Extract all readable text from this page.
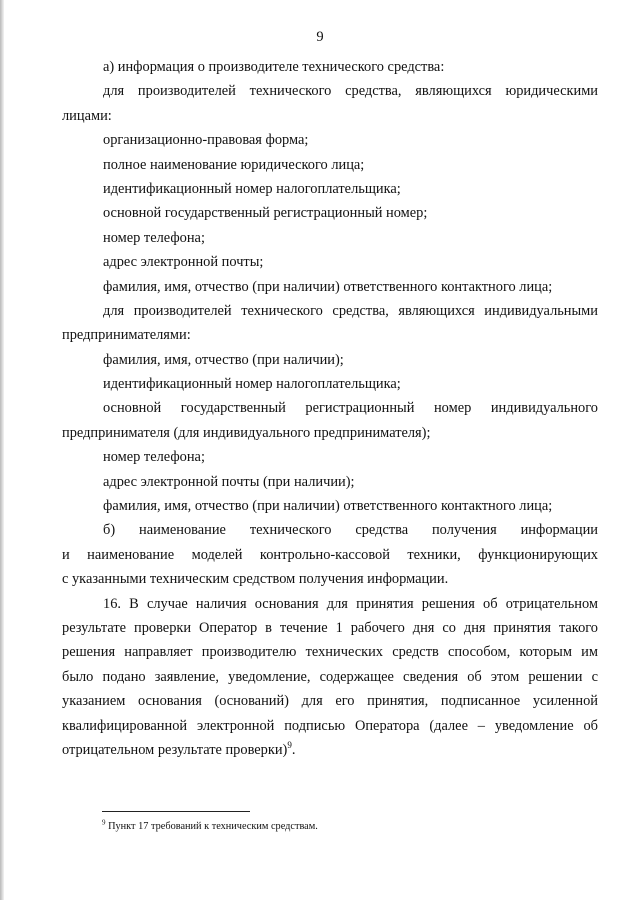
9
а) информация о производителе технического средства:
для производителей технического средства, являющихся юридическими
лицами:
организационно-правовая форма;
полное наименование юридического лица;
идентификационный номер налогоплательщика;
основной государственный регистрационный номер;
номер телефона;
адрес электронной почты;
фамилия, имя, отчество (при наличии) ответственного контактного лица;
для производителей технического средства, являющихся индивидуальными
предпринимателями:
фамилия, имя, отчество (при наличии);
идентификационный номер налогоплательщика;
основной государственный регистрационный номер индивидуального
предпринимателя (для индивидуального предпринимателя);
номер телефона;
адрес электронной почты (при наличии);
фамилия, имя, отчество (при наличии) ответственного контактного лица;
б) наименование технического средства получения информации
и наименование моделей контрольно-кассовой техники, функционирующих
с указанными техническим средством получения информации.
16. В случае наличия основания для принятия решения об отрицательном
результате проверки Оператор в течение 1 рабочего дня со дня принятия такого
решения направляет производителю технических средств способом, которым им
было подано заявление, уведомление, содержащее сведения об этом решении с
указанием основания (оснований) для его принятия, подписанное усиленной
квалифицированной электронной подписью Оператора (далее – уведомление об
отрицательном результате проверки)$^9$.
$^9$ Пункт 17 требований к техническим средствам.
